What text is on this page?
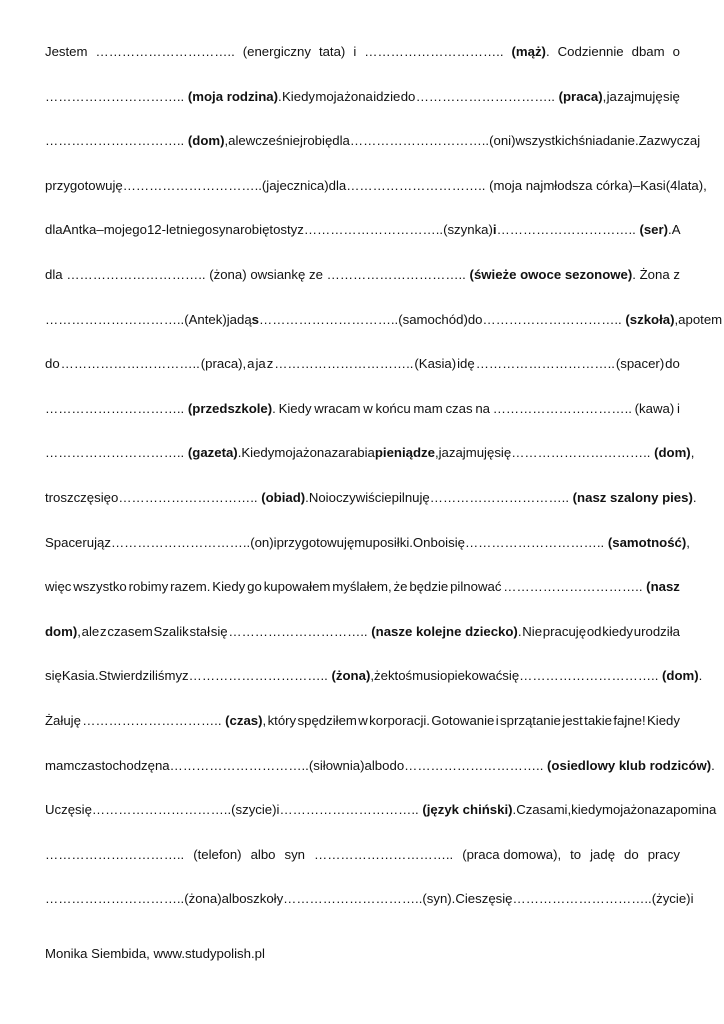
Jestem ………………………….. (energiczny tata) i ………………………….. (mąż). Codziennie dbam o
………………………….. (moja rodzina). Kiedy moja żona idzie do ………………………….. (praca), ja zajmuję się
………………………….. (dom), ale wcześniej robię dla ………………………….. (oni) wszystkich śniadanie. Zazwyczaj
przygotowuję ………………………….. (jajecznica) dla ………………………….. (moja najmłodsza córka) – Kasi (4 lata),
dla Antka – mojego 12-letniego syna robię tosty z ………………………….. (szynka) i ………………………….. (ser). A
dla ………………………….. (żona) owsiankę ze ………………………….. (świeże owoce sezonowe). Żona z
………………………….. (Antek) jadą s………………………….. (samochód) do ………………………….. (szkoła), a potem
do ………………………….. (praca), a ja z ………………………….. (Kasia) idę ………………………….. (spacer) do
………………………….. (przedszkole). Kiedy wracam w końcu mam czas na ………………………….. (kawa) i
………………………….. (gazeta). Kiedy moja żona zarabia pieniądze, ja zajmuję się ………………………….. (dom),
troszczę się o ………………………….. (obiad). No i oczywiście pilnuję ………………………….. (nasz szalony pies).
Spacerują z ………………………….. (on) i przygotowuję mu posiłki. On boi się ………………………….. (samotność),
więc wszystko robimy razem. Kiedy go kupowałem myślałem, że będzie pilnować ………………………….. (nasz
dom), ale z czasem Szalik stał się ………………………….. (nasze kolejne dziecko). Nie pracuję od kiedy urodziła
się Kasia. Stwierdziliśmy z ………………………….. (żona), że ktoś musi opiekować się ………………………….. (dom).
Żałuję ………………………….. (czas), który spędziłem w korporacji. Gotowanie i sprzątanie jest takie fajne! Kiedy
mam czas to chodzę na ………………………….. (siłownia) albo do ………………………….. (osiedlowy klub rodziców).
Uczę się ………………………….. (szycie) i ………………………….. (język chiński). Czasami, kiedy moja żona zapomina
………………………….. (telefon) albo syn ………………………….. (praca domowa), to jadę do pracy
………………………….. (żona) albo szkoły ………………………….. (syn). Cieszę się ………………………….. (życie) i
Monika Siembida, www.studypolish.pl
